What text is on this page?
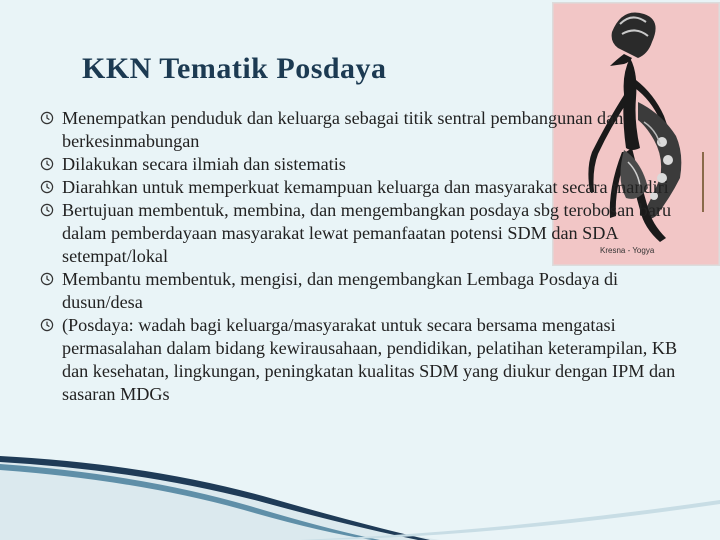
Kresna - Yogya
KKN Tematik Posdaya
Menempatkan penduduk dan keluarga sebagai titik sentral pembangunan dan berkesinmabungan
Dilakukan secara ilmiah dan sistematis
Diarahkan untuk memperkuat kemampuan keluarga dan masyarakat secara mandiri
Bertujuan membentuk, membina, dan mengembangkan posdaya sbg terobosan baru dalam pemberdayaan masyarakat lewat pemanfaatan potensi SDM dan SDA setempat/lokal
Membantu membentuk, mengisi, dan mengembangkan Lembaga Posdaya di dusun/desa
(Posdaya: wadah bagi keluarga/masyarakat untuk secara bersama mengatasi permasalahan dalam bidang kewirausahaan, pendidikan, pelatihan keterampilan, KB dan kesehatan, lingkungan, peningkatan kualitas SDM yang diukur dengan IPM dan sasaran MDGs
